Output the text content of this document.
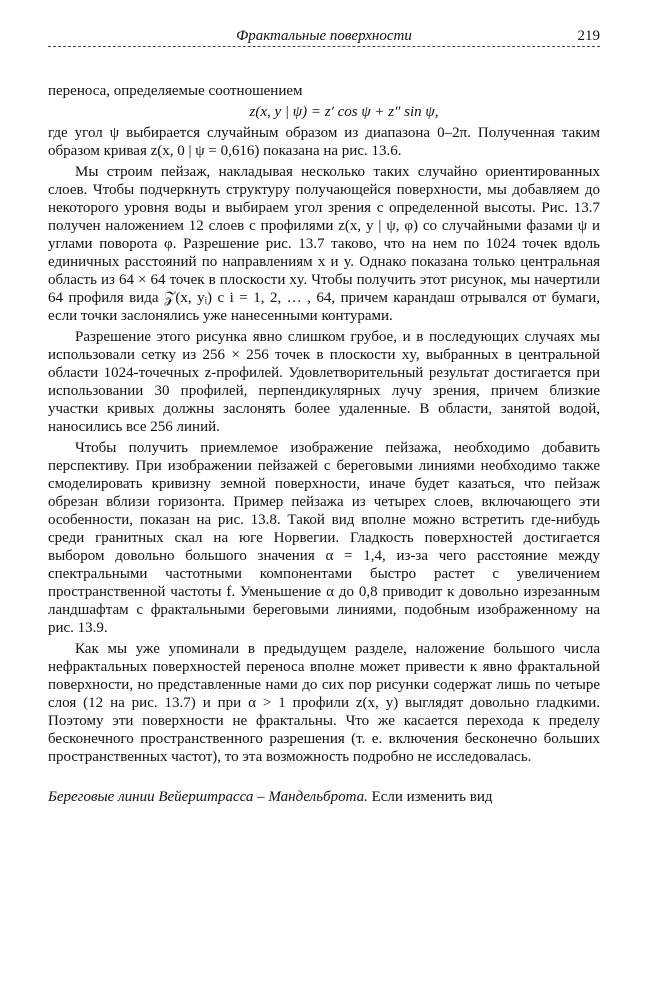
Фрактальные поверхности	219

переноса, определяемые соотношением

z(x, y | ψ) = z′ cos ψ + z″ sin ψ,

где угол ψ выбирается случайным образом из диапазона 0–2π. Полученная таким образом кривая z(x, 0 | ψ = 0,616) показана на рис. 13.6.

Мы строим пейзаж, накладывая несколько таких случайно ориентированных слоев. Чтобы подчеркнуть структуру получающейся поверхности, мы добавляем до некоторого уровня воды и выбираем угол зрения с определенной высоты. Рис. 13.7 получен наложением 12 слоев с профилями z(x, y | ψ, φ) со случайными фазами ψ и углами поворота φ. Разрешение рис. 13.7 таково, что на нем по 1024 точек вдоль единичных расстояний по направлениям x и y. Однако показана только центральная область из 64 × 64 точек в плоскости xy. Чтобы получить этот рисунок, мы начертили 64 профиля вида 𝒵(x, yᵢ) с i = 1, 2, … , 64, причем карандаш отрывался от бумаги, если точки заслонялись уже нанесенными контурами.

Разрешение этого рисунка явно слишком грубое, и в последующих случаях мы использовали сетку из 256 × 256 точек в плоскости xy, выбранных в центральной области 1024-точечных z-профилей. Удовлетворительный результат достигается при использовании 30 профилей, перпендикулярных лучу зрения, причем близкие участки кривых должны заслонять более удаленные. В области, занятой водой, наносились все 256 линий.

Чтобы получить приемлемое изображение пейзажа, необходимо добавить перспективу. При изображении пейзажей с береговыми линиями необходимо также смоделировать кривизну земной поверхности, иначе будет казаться, что пейзаж обрезан вблизи горизонта. Пример пейзажа из четырех слоев, включающего эти особенности, показан на рис. 13.8. Такой вид вполне можно встретить где-нибудь среди гранитных скал на юге Норвегии. Гладкость поверхностей достигается выбором довольно большого значения α = 1,4, из-за чего расстояние между спектральными частотными компонентами быстро растет с увеличением пространственной частоты f. Уменьшение α до 0,8 приводит к довольно изрезанным ландшафтам с фрактальными береговыми линиями, подобным изображенному на рис. 13.9.

Как мы уже упоминали в предыдущем разделе, наложение большого числа нефрактальных поверхностей переноса вполне может привести к явно фрактальной поверхности, но представленные нами до сих пор рисунки содержат лишь по четыре слоя (12 на рис. 13.7) и при α > 1 профили z(x, y) выглядят довольно гладкими. Поэтому эти поверхности не фрактальны. Что же касается перехода к пределу бесконечного пространственного разрешения (т. е. включения бесконечно больших пространственных частот), то эта возможность подробно не исследовалась.

Береговые линии Вейерштрасса – Мандельброта. Если изменить вид
